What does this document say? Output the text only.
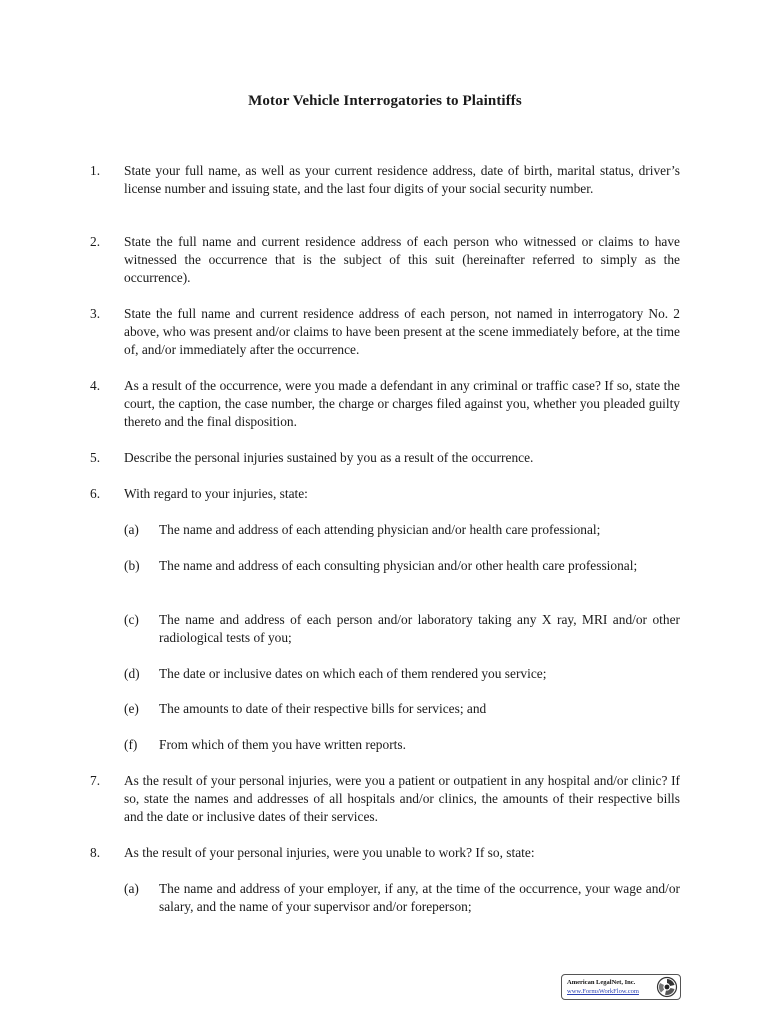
Motor Vehicle Interrogatories to Plaintiffs
1.	State your full name, as well as your current residence address, date of birth, marital status, driver’s license number and issuing state, and the last four digits of your social security number.
2.	State the full name and current residence address of each person who witnessed or claims to have witnessed the occurrence that is the subject of this suit (hereinafter referred to simply as the occurrence).
3.	State the full name and current residence address of each person, not named in interrogatory No. 2 above, who was present and/or claims to have been present at the scene immediately before, at the time of, and/or immediately after the occurrence.
4.	As a result of the occurrence, were you made a defendant in any criminal or traffic case? If so, state the court, the caption, the case number, the charge or charges filed against you, whether you pleaded guilty thereto and the final disposition.
5.	Describe the personal injuries sustained by you as a result of the occurrence.
6.	With regard to your injuries, state:
(a)	The name and address of each attending physician and/or health care professional;
(b)	The name and address of each consulting physician and/or other health care professional;
(c)	The name and address of each person and/or laboratory taking any X ray, MRI and/or other radiological tests of you;
(d)	The date or inclusive dates on which each of them rendered you service;
(e)	The amounts to date of their respective bills for services; and
(f)	From which of them you have written reports.
7.	As the result of your personal injuries, were you a patient or outpatient in any hospital and/or clinic? If so, state the names and addresses of all hospitals and/or clinics, the amounts of their respective bills and the date or inclusive dates of their services.
8.	As the result of your personal injuries, were you unable to work? If so, state:
(a)	The name and address of your employer, if any, at the time of the occurrence, your wage and/or salary, and the name of your supervisor and/or foreperson;
American LegalNet, Inc.
www.FormsWorkFlow.com
